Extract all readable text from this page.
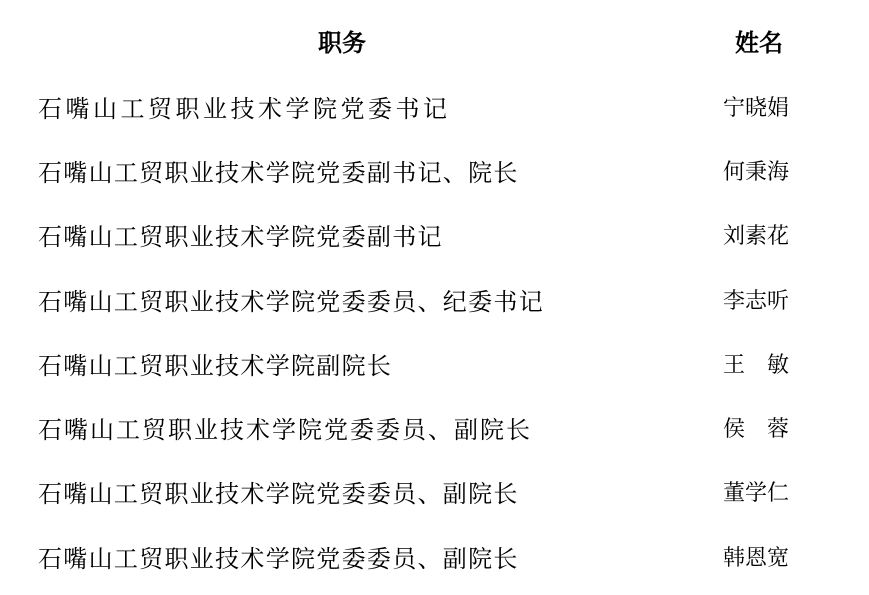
职务	姓名
石嘴山工贸职业技术学院党委书记	宁晓娟
石嘴山工贸职业技术学院党委副书记、院长	何秉海
石嘴山工贸职业技术学院党委副书记	刘素花
石嘴山工贸职业技术学院党委委员、纪委书记	李志听
石嘴山工贸职业技术学院副院长	王　敏
石嘴山工贸职业技术学院党委委员、副院长	侯　蓉
石嘴山工贸职业技术学院党委委员、副院长	董学仁
石嘴山工贸职业技术学院党委委员、副院长	韩恩宽
